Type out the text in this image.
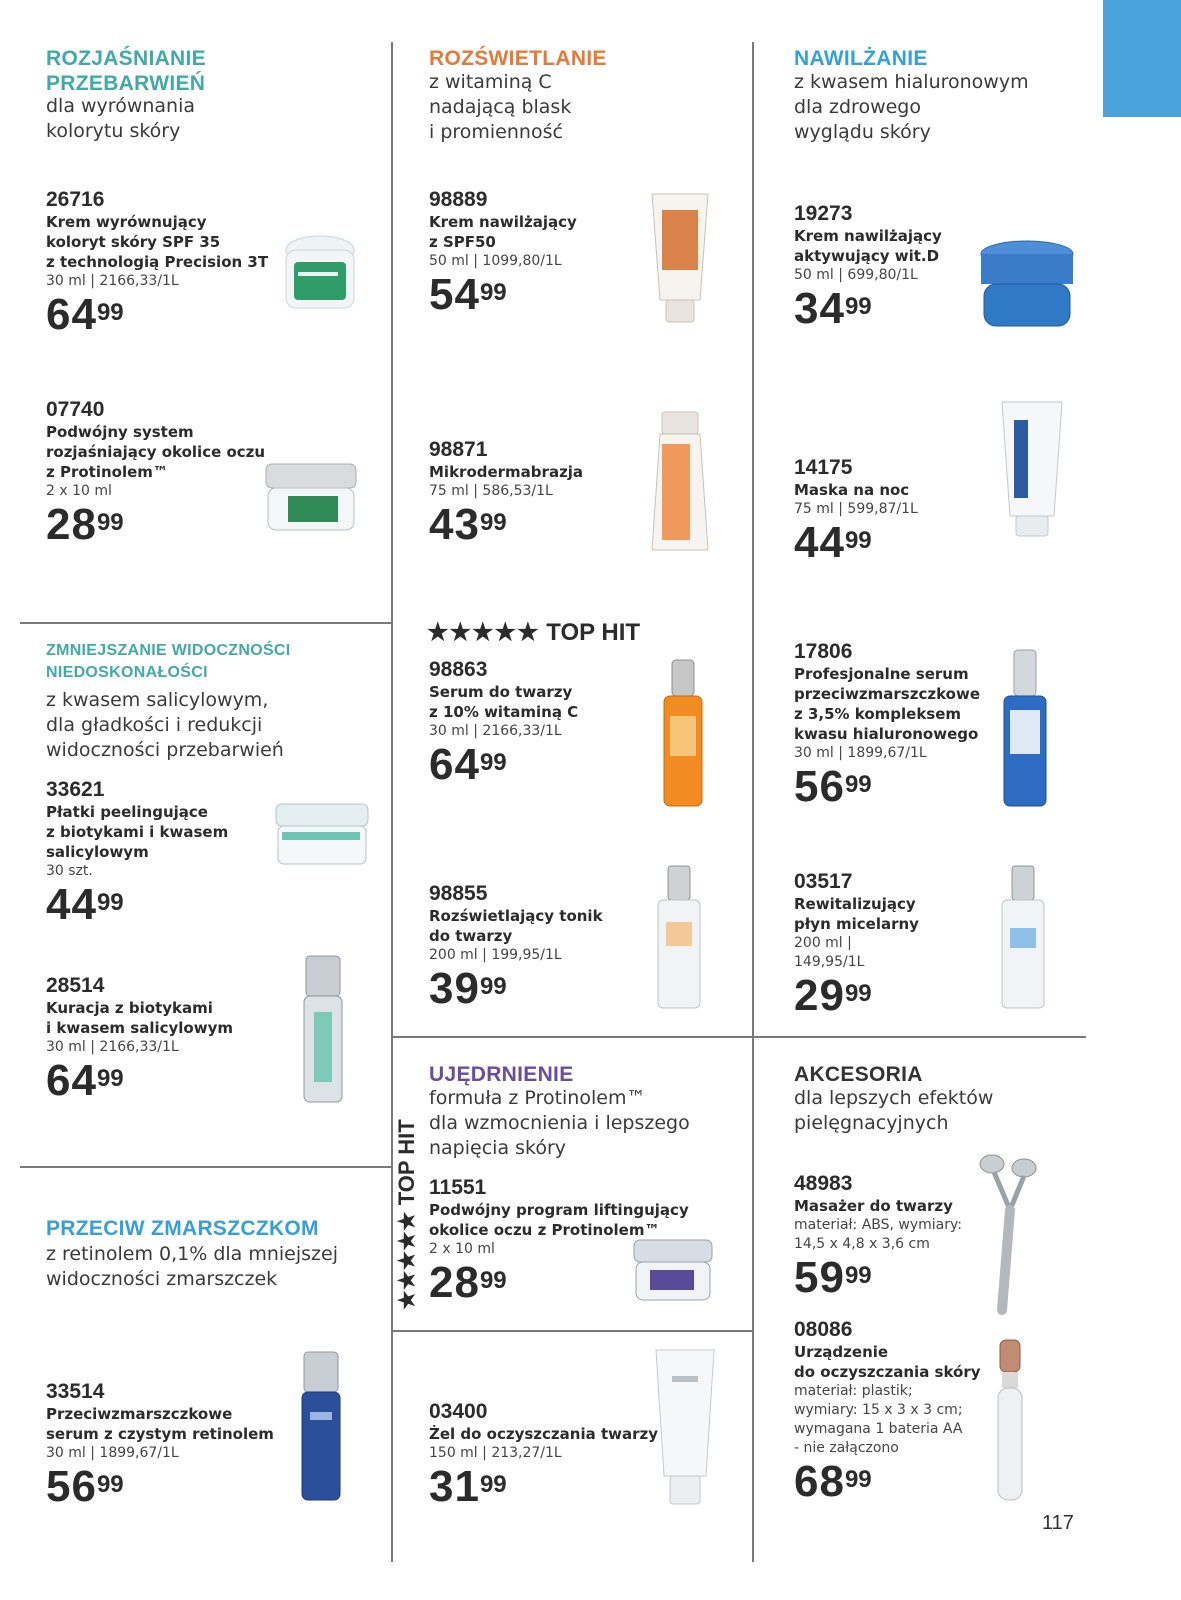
ROZJAŚNIANIE
PRZEBARWIEŃ
dla wyrównania
kolorytu skóry
26716
Krem wyrównujący
koloryt skóry SPF 35
z technologią Precision 3T
30 ml | 2166,33/1L
6499
07740
Podwójny system
rozjaśniający okolice oczu
z Protinolem™
2 x 10 ml
2899
ZMNIEJSZANIE WIDOCZNOŚCI
NIEDOSKONAŁOŚCI
z kwasem salicylowym,
dla gładkości i redukcji
widoczności przebarwień
33621
Płatki peelingujące
z biotykami i kwasem
salicylowym
30 szt.
4499
28514
Kuracja z biotykami
i kwasem salicylowym
30 ml | 2166,33/1L
6499
PRZECIW ZMARSZCZKOM
z retinolem 0,1% dla mniejszej
widoczności zmarszczek
33514
Przeciwzmarszczkowe
serum z czystym retinolem
30 ml | 1899,67/1L
5699
ROZŚWIETLANIE
z witaminą C
nadającą blask
i promienność
98889
Krem nawilżający
z SPF50
50 ml | 1099,80/1L
5499
98871
Mikrodermabrazja
75 ml | 586,53/1L
4399
★★★★★ TOP HIT
98863
Serum do twarzy
z 10% witaminą C
30 ml | 2166,33/1L
6499
98855
Rozświetlający tonik
do twarzy
200 ml | 199,95/1L
3999
★★★★★ TOP HIT
UJĘDRNIENIE
formuła z Protinolem™
dla wzmocnienia i lepszego
napięcia skóry
11551
Podwójny program liftingujący
okolice oczu z Protinolem™
2 x 10 ml
2899
03400
Żel do oczyszczania twarzy
150 ml | 213,27/1L
3199
NAWILŻANIE
z kwasem hialuronowym
dla zdrowego
wyglądu skóry
19273
Krem nawilżający
aktywujący wit.D
50 ml | 699,80/1L
3499
14175
Maska na noc
75 ml | 599,87/1L
4499
17806
Profesjonalne serum
przeciwzmarszczkowe
z 3,5% kompleksem
kwasu hialuronowego
30 ml | 1899,67/1L
5699
03517
Rewitalizujący
płyn micelarny
200 ml |
149,95/1L
2999
AKCESORIA
dla lepszych efektów
pielęgnacyjnych
48983
Masażer do twarzy
materiał: ABS, wymiary:
14,5 x 4,8 x 3,6 cm
5999
08086
Urządzenie
do oczyszczania skóry
materiał: plastik;
wymiary: 15 x 3 x 3 cm;
wymagana 1 bateria AA
- nie załączono
6899
117
